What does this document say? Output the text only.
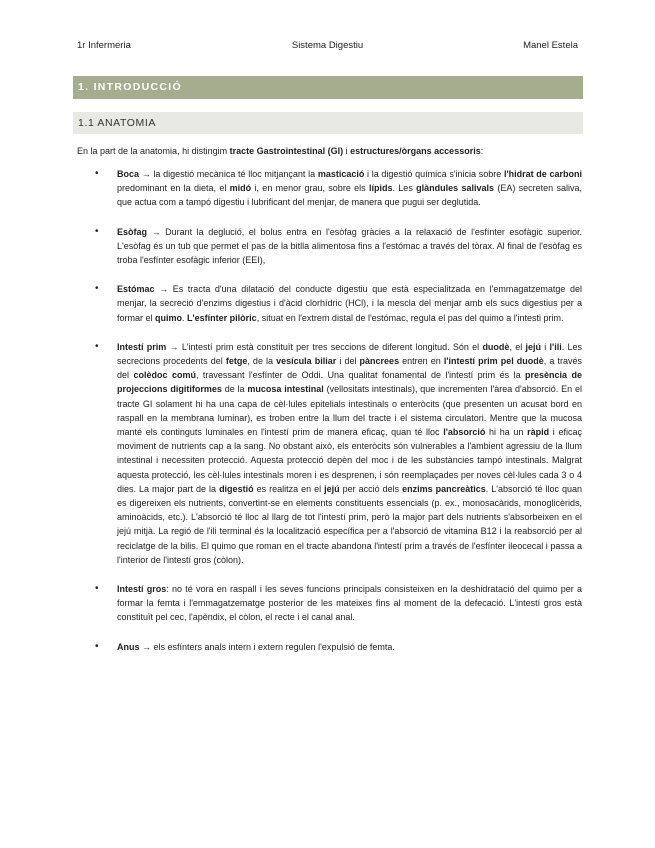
1r Infermeria	Sistema Digestiu	Manel Estela
1. INTRODUCCIÓ
1.1 ANATOMIA

En la part de la anatomia, hi distingim tracte Gastrointestinal (GI) i estructures/òrgans accessoris:

• Boca → la digestió mecànica té lloc mitjançant la masticació i la digestió química s'inicia sobre l'hidrat de carboni predominant en la dieta, el midó i, en menor grau, sobre els lípids. Les glàndules salivals (EA) secreten saliva, que actua com a tampó digestiu i lubrificant del menjar, de manera que pugui ser deglutida.
• Esòfag → Durant la deglució, el bolus entra en l'esòfag gràcies a la relaxació de l'esfínter esofàgic superior. L'esòfag és un tub que permet el pas de la bitlla alimentosa fins a l'estómac a través del tòrax. Al final de l'esòfag es troba l'esfínter esofàgic inferior (EEI),
• Estómac → Es tracta d'una dilatació del conducte digestiu que està especialitzada en l'emmagatzematge del menjar, la secreció d'enzims digestius i d'àcid clorhídric (HCl), i la mescla del menjar amb els sucs digestius per a formar el quimo. L'esfínter pilòric, situat en l'extrem distal de l'estómac, regula el pas del quimo a l'intesti prim.
• Intestí prim → L'intestí prim està constituït per tres seccions de diferent longitud. Són el duodè, el jejú i l'ili. Les secrecions procedents del fetge, de la vesícula biliar i del pàncrees entren en l'intestí prim pel duodè, a través del colèdoc comú, travessant l'esfínter de Oddi. Una qualitat fonamental de l'intestí prim és la presència de projeccions digitiformes de la mucosa intestinal (vellositats intestinals), que incrementen l'àrea d'absorció. En el tracte GI solament hi ha una capa de cèl·lules epitelials intestinals o enteròcits (que presenten un acusat bord en raspall en la membrana luminar), es troben entre la llum del tracte i el sistema circulatori. Mentre que la mucosa manté els continguts luminales en l'intestí prim de manera eficaç, quan té lloc l'absorció hi ha un ràpid i eficaç moviment de nutrients cap a la sang. No obstant això, els enteròcits són vulnerables a l'ambient agressiu de la llum intestinal i necessiten protecció. Aquesta protecció depèn del moc i de les substàncies tampó intestinals. Malgrat aquesta protecció, les cèl·lules intestinals moren i es desprenen, i són reemplaçades per noves cèl·lules cada 3 o 4 dies. La major part de la digestió es realitza en el jejú per acció dels enzims pancreàtics. L'absorció té lloc quan es digereixen els nutrients, convertint-se en elements constituents essencials (p. ex., monosacàrids, monoglicèrids, aminoàcids, etc.). L'absorció té lloc al llarg de tot l'intestí prim, però la major part dels nutrients s'absorbeixen en el jejú mitjà. La regió de l'ili terminal és la localització específica per a l'absorció de vitamina B12 i la reabsorció per al reciclatge de la bilis. El quimo que roman en el tracte abandona l'intestí prim a través de l'esfínter ileocecal i passa a l'interior de l'intestí gros (còlon).
• Intestí gros: no té vora en raspall i les seves funcions principals consisteixen en la deshidratació del quimo per a formar la femta i l'emmagatzematge posterior de les mateixes fins al moment de la defecació. L'intestí gros està constituït pel cec, l'apèndix, el còlon, el recte i el canal anal.
• Anus → els esfínters anals intern i extern regulen l'expulsió de femta.
